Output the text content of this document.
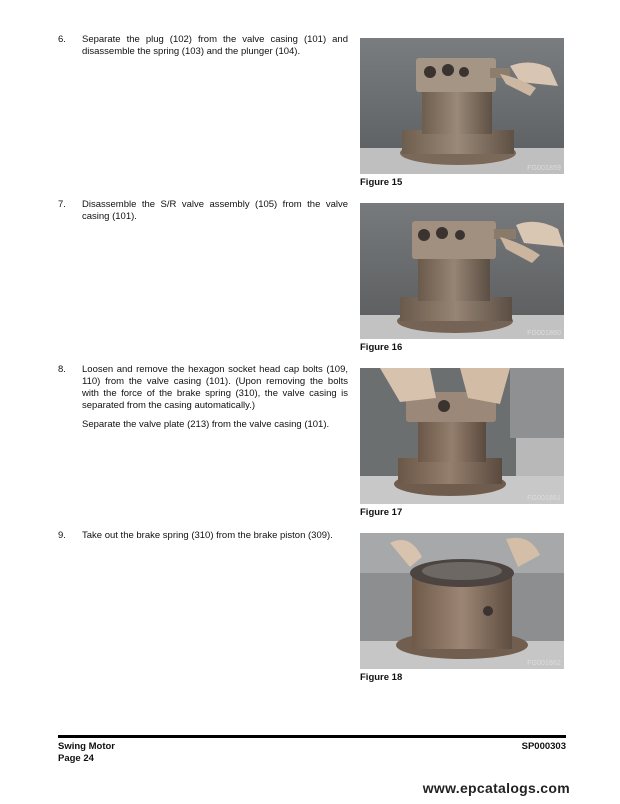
6. Separate the plug (102) from the valve casing (101) and disassemble the spring (103) and the plunger (104).

FG001859
Figure 15
7. Disassemble the S/R valve assembly (105) from the valve casing (101).

FG001860
Figure 16
8. Loosen and remove the hexagon socket head cap bolts (109, 110) from the valve casing (101). (Upon removing the bolts with the force of the brake spring (310), the valve casing is separated from the casing automatically.)

Separate the valve plate (213) from the valve casing (101).

FG001861
Figure 17
9. Take out the brake spring (310) from the brake piston (309).

FG001862
Figure 18
Swing Motor
Page 24
SP000303
www.epcatalogs.com
